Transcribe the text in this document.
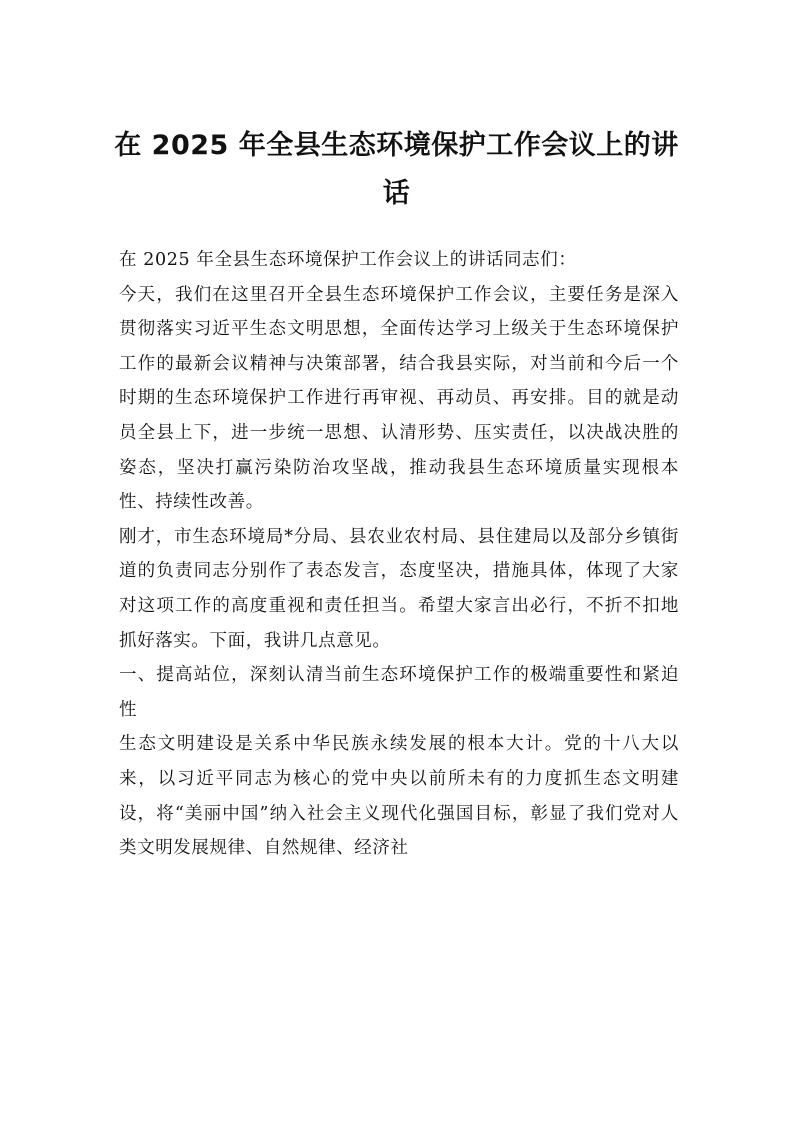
在 2025 年全县生态环境保护工作会议上的讲话

在 2025 年全县生态环境保护工作会议上的讲话同志们：

今天，我们在这里召开全县生态环境保护工作会议，主要任务是深入贯彻落实习近平生态文明思想，全面传达学习上级关于生态环境保护工作的最新会议精神与决策部署，结合我县实际，对当前和今后一个时期的生态环境保护工作进行再审视、再动员、再安排。目的就是动员全县上下，进一步统一思想、认清形势、压实责任，以决战决胜的姿态，坚决打赢污染防治攻坚战，推动我县生态环境质量实现根本性、持续性改善。

刚才，市生态环境局*分局、县农业农村局、县住建局以及部分乡镇街道的负责同志分别作了表态发言，态度坚决，措施具体，体现了大家对这项工作的高度重视和责任担当。希望大家言出必行，不折不扣地抓好落实。下面，我讲几点意见。

一、提高站位，深刻认清当前生态环境保护工作的极端重要性和紧迫性

生态文明建设是关系中华民族永续发展的根本大计。党的十八大以来，以习近平同志为核心的党中央以前所未有的力度抓生态文明建设，将“美丽中国”纳入社会主义现代化强国目标，彰显了我们党对人类文明发展规律、自然规律、经济社
